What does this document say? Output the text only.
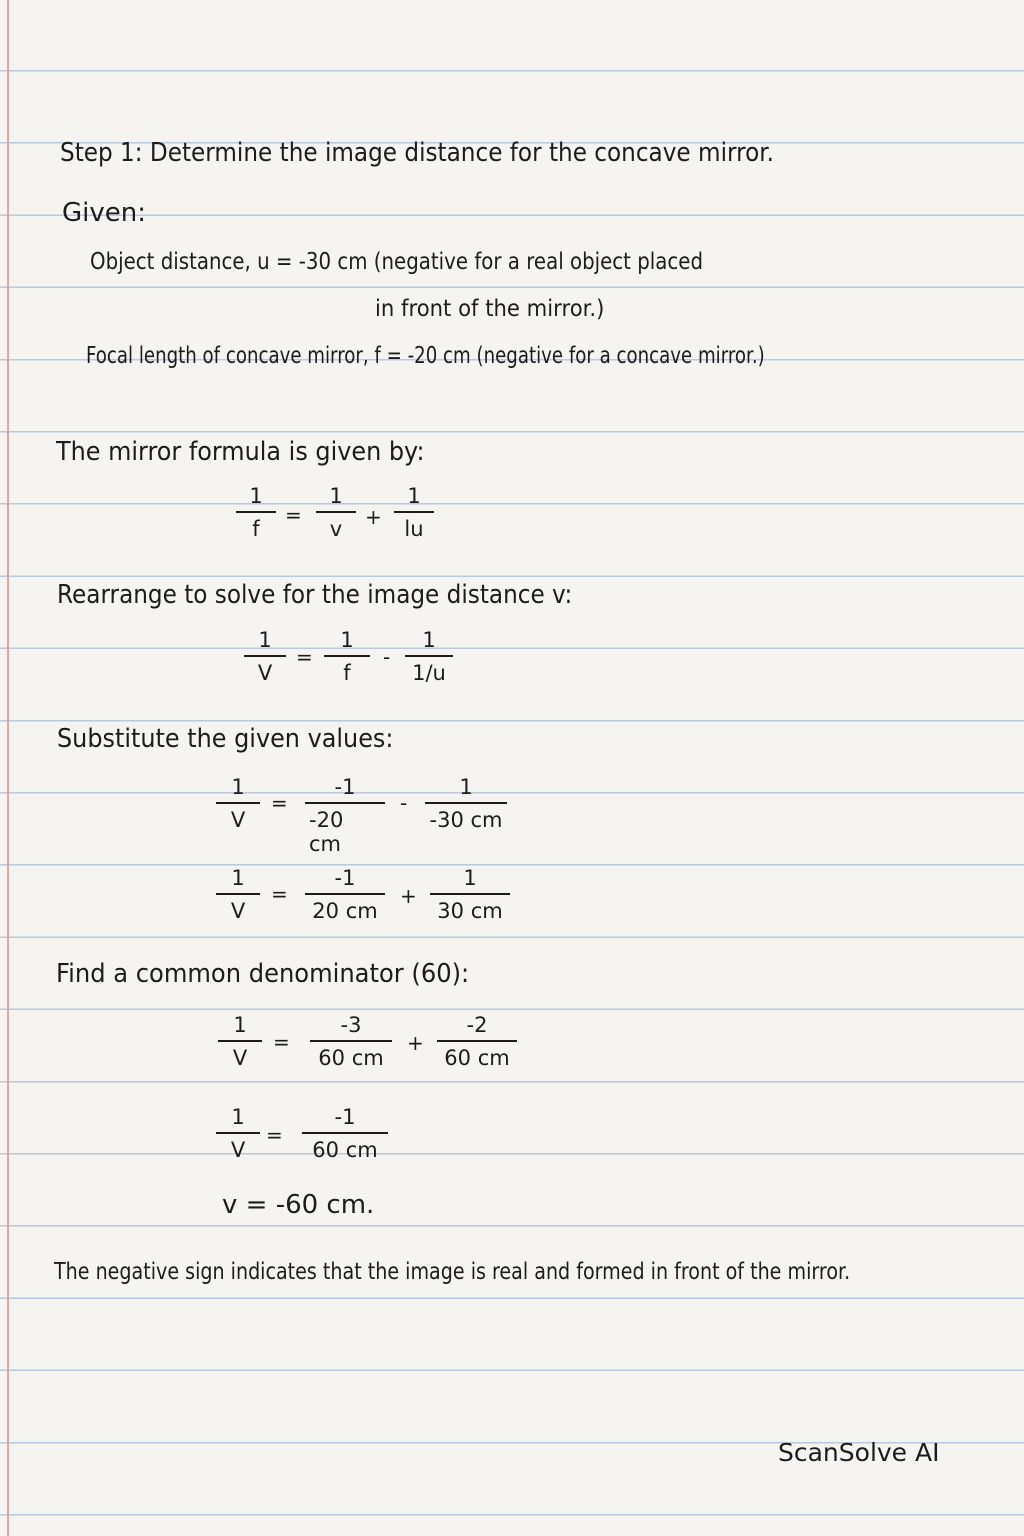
Step 1: Determine the image distance for the concave mirror.
Given:
Object distance, u = -30 cm (negative for a real object placed
in front of the mirror.)
Focal length of concave mirror, f = -20 cm (negative for a concave mirror.)
The mirror formula is given by:
1
f
=
1
v +
1
lu
Rearrange to solve for the image distance v:
1
V
=
1
f
-
1
1/u
Substitute the given values:
1
V
=
-1
-20 cm
-
1
-30 cm
1
V
=
-1
20 cm
+
1
30 cm
Find a common denominator (60):
1
V
=
-3
60 cm
+
-2
60 cm
1
V
=
-1
60 cm
v = -60 cm.
The negative sign indicates that the image is real and formed in front of the mirror.
ScanSolve AI
